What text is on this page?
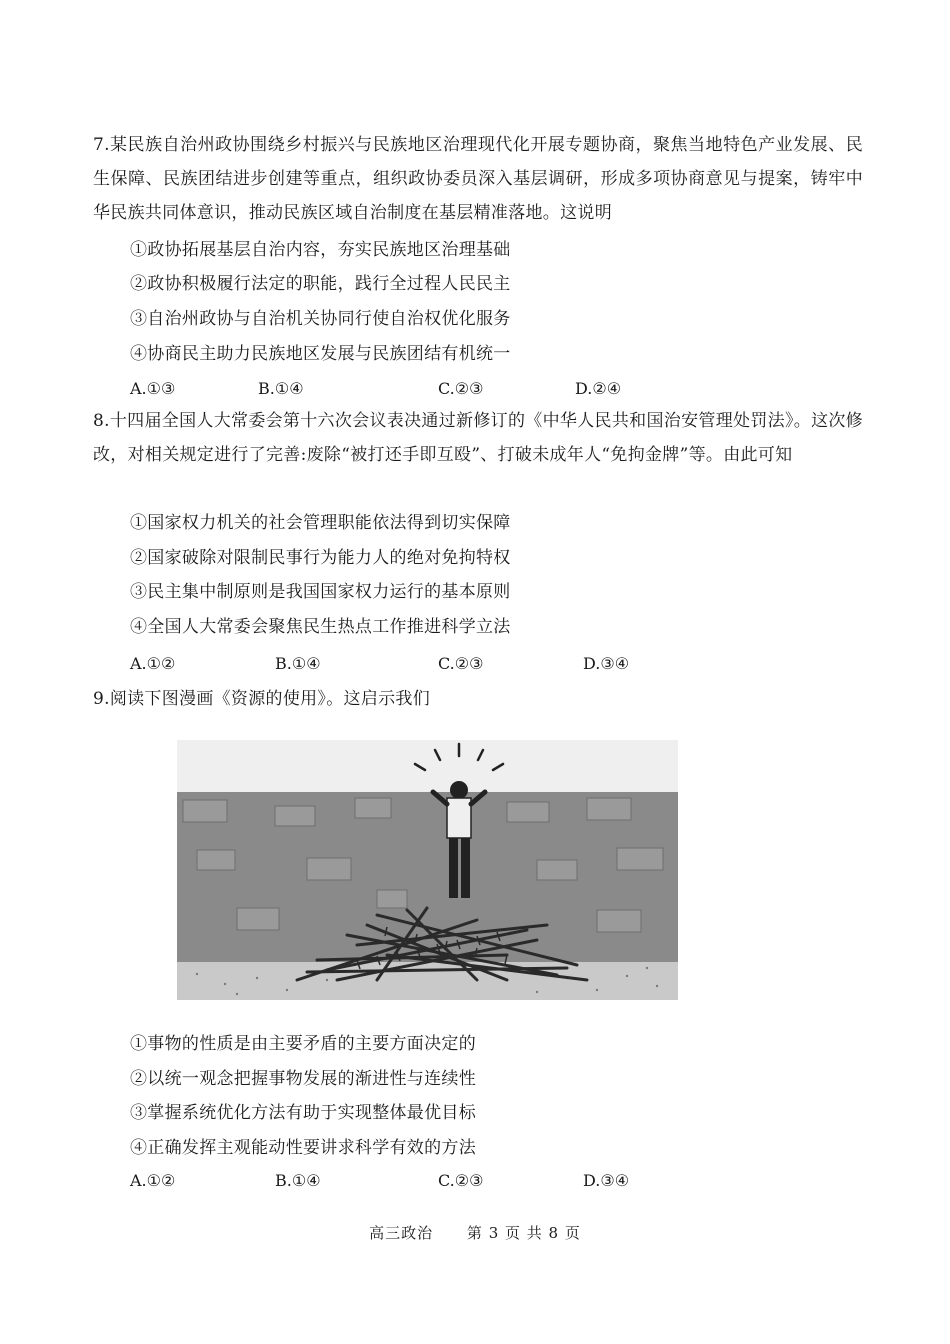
7.某民族自治州政协围绕乡村振兴与民族地区治理现代化开展专题协商，聚焦当地特色产业发展、民生保障、民族团结进步创建等重点，组织政协委员深入基层调研，形成多项协商意见与提案，铸牢中华民族共同体意识，推动民族区域自治制度在基层精准落地。这说明
①政协拓展基层自治内容，夯实民族地区治理基础
②政协积极履行法定的职能，践行全过程人民民主
③自治州政协与自治机关协同行使自治权优化服务
④协商民主助力民族地区发展与民族团结有机统一
A.①③	B.①④	C.②③	D.②④
8.十四届全国人大常委会第十六次会议表决通过新修订的《中华人民共和国治安管理处罚法》。这次修改，对相关规定进行了完善:废除“被打还手即互殴”、打破未成年人“免拘金牌”等。由此可知
①国家权力机关的社会管理职能依法得到切实保障
②国家破除对限制民事行为能力人的绝对免拘特权
③民主集中制原则是我国国家权力运行的基本原则
④全国人大常委会聚焦民生热点工作推进科学立法
A.①②	B.①④	C.②③	D.③④
9.阅读下图漫画《资源的使用》。这启示我们
①事物的性质是由主要矛盾的主要方面决定的
②以统一观念把握事物发展的渐进性与连续性
③掌握系统优化方法有助于实现整体最优目标
④正确发挥主观能动性要讲求科学有效的方法
A.①②	B.①④	C.②③	D.③④
高三政治 第 3 页 共 8 页
